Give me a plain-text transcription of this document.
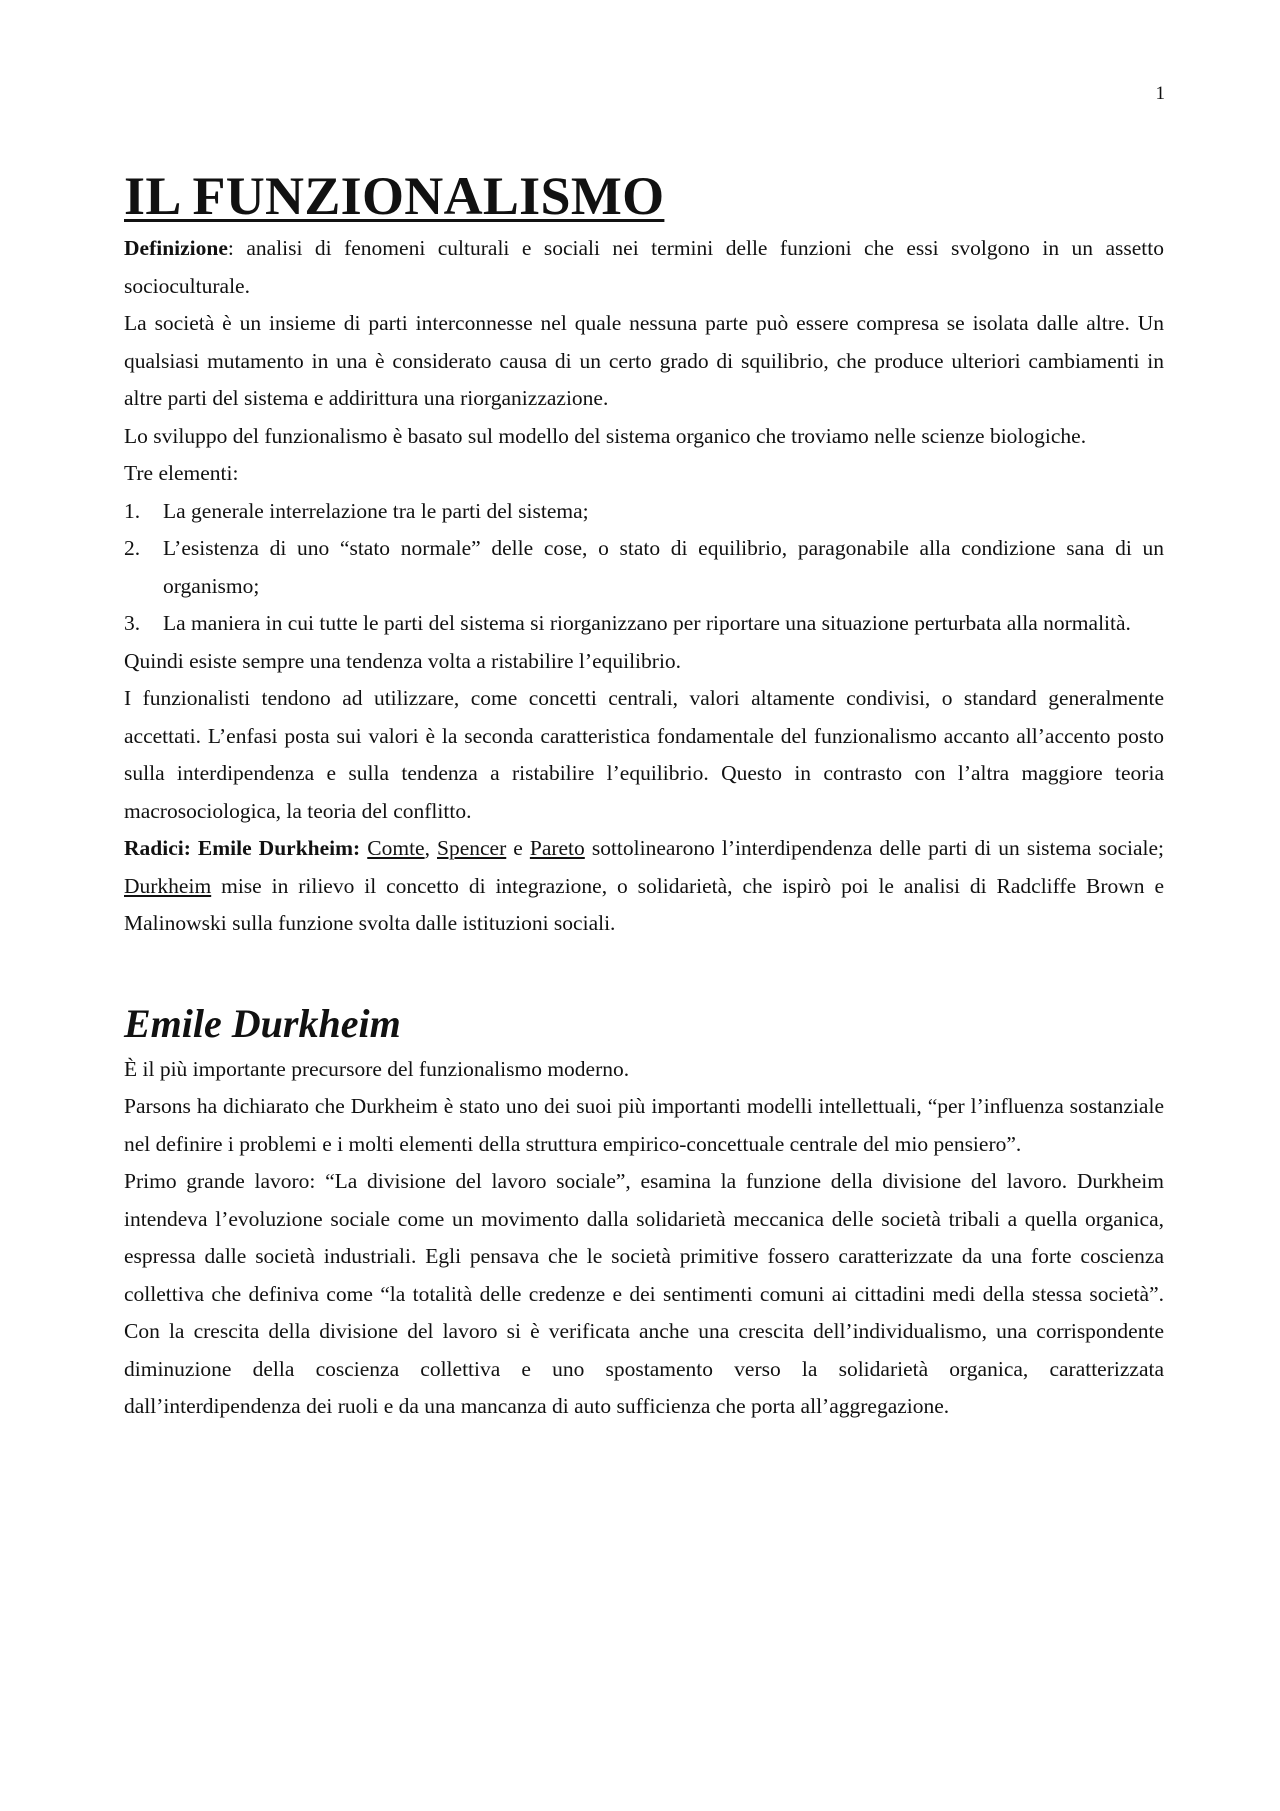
1
IL FUNZIONALISMO

Definizione: analisi di fenomeni culturali e sociali nei termini delle funzioni che essi svolgono in un assetto socioculturale.

La società è un insieme di parti interconnesse nel quale nessuna parte può essere compresa se isolata dalle altre. Un qualsiasi mutamento in una è considerato causa di un certo grado di squilibrio, che produce ulteriori cambiamenti in altre parti del sistema e addirittura una riorganizzazione.

Lo sviluppo del funzionalismo è basato sul modello del sistema organico che troviamo nelle scienze biologiche.

Tre elementi:

1. La generale interrelazione tra le parti del sistema;
2. L’esistenza di uno “stato normale” delle cose, o stato di equilibrio, paragonabile alla condizione sana di un organismo;
3. La maniera in cui tutte le parti del sistema si riorganizzano per riportare una situazione perturbata alla normalità.

Quindi esiste sempre una tendenza volta a ristabilire l’equilibrio.

I funzionalisti tendono ad utilizzare, come concetti centrali, valori altamente condivisi, o standard generalmente accettati. L’enfasi posta sui valori è la seconda caratteristica fondamentale del funzionalismo accanto all’accento posto sulla interdipendenza e sulla tendenza a ristabilire l’equilibrio. Questo in contrasto con l’altra maggiore teoria macrosociologica, la teoria del conflitto.

Radici: Emile Durkheim: Comte, Spencer e Pareto sottolinearono l’interdipendenza delle parti di un sistema sociale; Durkheim mise in rilievo il concetto di integrazione, o solidarietà, che ispirò poi le analisi di Radcliffe Brown e Malinowski sulla funzione svolta dalle istituzioni sociali.

Emile Durkheim

È il più importante precursore del funzionalismo moderno.

Parsons ha dichiarato che Durkheim è stato uno dei suoi più importanti modelli intellettuali, “per l’influenza sostanziale nel definire i problemi e i molti elementi della struttura empirico-concettuale centrale del mio pensiero”.

Primo grande lavoro: “La divisione del lavoro sociale”, esamina la funzione della divisione del lavoro. Durkheim intendeva l’evoluzione sociale come un movimento dalla solidarietà meccanica delle società tribali a quella organica, espressa dalle società industriali. Egli pensava che le società primitive fossero caratterizzate da una forte coscienza collettiva che definiva come “la totalità delle credenze e dei sentimenti comuni ai cittadini medi della stessa società”. Con la crescita della divisione del lavoro si è verificata anche una crescita dell’individualismo, una corrispondente diminuzione della coscienza collettiva e uno spostamento verso la solidarietà organica, caratterizzata dall’interdipendenza dei ruoli e da una mancanza di auto sufficienza che porta all’aggregazione.
